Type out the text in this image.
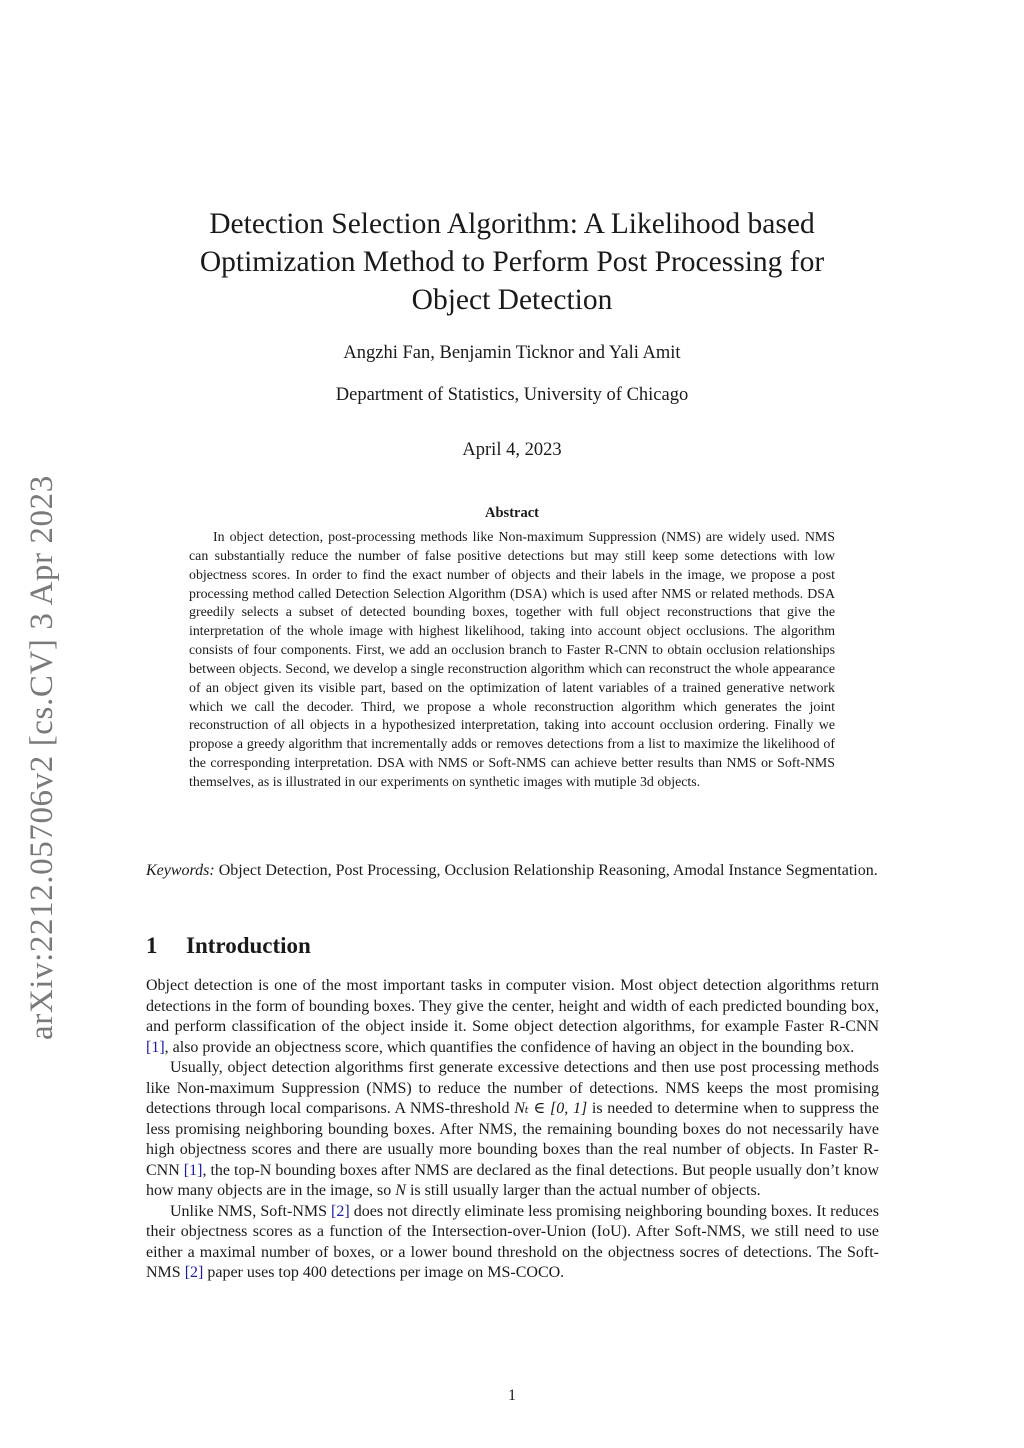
arXiv:2212.05706v2 [cs.CV] 3 Apr 2023
Detection Selection Algorithm: A Likelihood based
Optimization Method to Perform Post Processing for
Object Detection
Angzhi Fan, Benjamin Ticknor and Yali Amit
Department of Statistics, University of Chicago
April 4, 2023
Abstract

In object detection, post-processing methods like Non-maximum Suppression (NMS) are widely used. NMS can substantially reduce the number of false positive detections but may still keep some detections with low objectness scores. In order to find the exact number of objects and their labels in the image, we propose a post processing method called Detection Selection Algorithm (DSA) which is used after NMS or related methods. DSA greedily selects a subset of detected bounding boxes, together with full object reconstructions that give the interpretation of the whole image with highest likelihood, taking into account object occlusions. The algorithm consists of four components. First, we add an occlusion branch to Faster R-CNN to obtain occlusion relationships between objects. Second, we develop a single reconstruction algorithm which can reconstruct the whole appearance of an object given its visible part, based on the optimization of latent variables of a trained generative network which we call the decoder. Third, we propose a whole reconstruction algorithm which generates the joint reconstruction of all objects in a hypothesized interpretation, taking into account occlusion ordering. Finally we propose a greedy algorithm that incrementally adds or removes detections from a list to maximize the likelihood of the corresponding interpretation. DSA with NMS or Soft-NMS can achieve better results than NMS or Soft-NMS themselves, as is illustrated in our experiments on synthetic images with mutiple 3d objects.

Keywords: Object Detection, Post Processing, Occlusion Relationship Reasoning, Amodal Instance Segmentation.

1 Introduction

Object detection is one of the most important tasks in computer vision. Most object detection algorithms return detections in the form of bounding boxes. They give the center, height and width of each predicted bounding box, and perform classification of the object inside it. Some object detection algorithms, for example Faster R-CNN [1], also provide an objectness score, which quantifies the confidence of having an object in the bounding box.

Usually, object detection algorithms first generate excessive detections and then use post processing methods like Non-maximum Suppression (NMS) to reduce the number of detections. NMS keeps the most promising detections through local comparisons. A NMS-threshold Nₜ ∈ [0, 1] is needed to determine when to suppress the less promising neighboring bounding boxes. After NMS, the remaining bounding boxes do not necessarily have high objectness scores and there are usually more bounding boxes than the real number of objects. In Faster R-CNN [1], the top-N bounding boxes after NMS are declared as the final detections. But people usually don’t know how many objects are in the image, so N is still usually larger than the actual number of objects.

Unlike NMS, Soft-NMS [2] does not directly eliminate less promising neighboring bounding boxes. It reduces their objectness scores as a function of the Intersection-over-Union (IoU). After Soft-NMS, we still need to use either a maximal number of boxes, or a lower bound threshold on the objectness socres of detections. The Soft-NMS [2] paper uses top 400 detections per image on MS-COCO.

1
